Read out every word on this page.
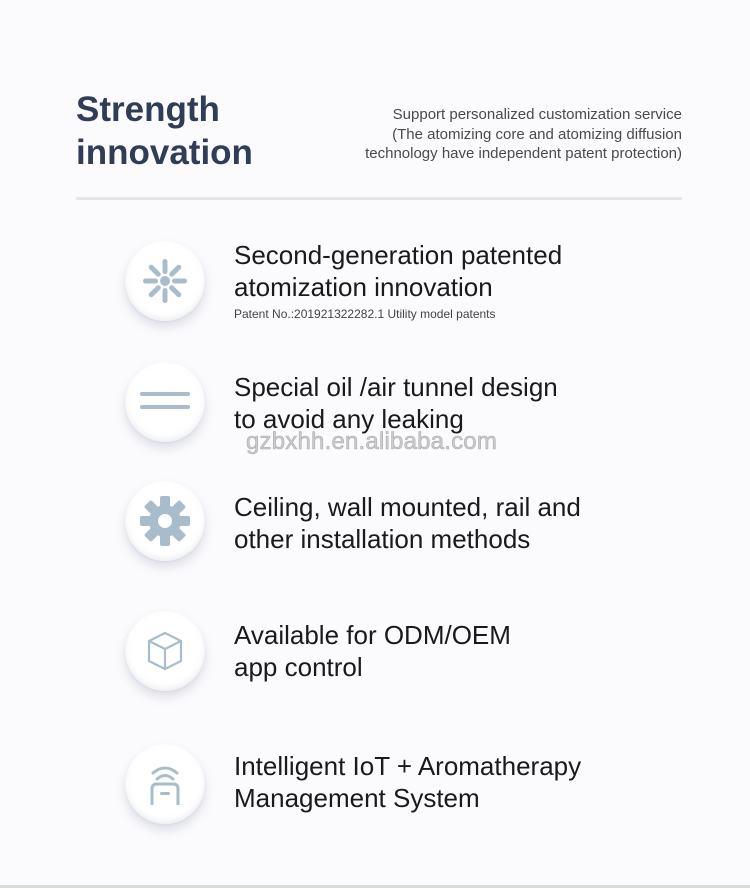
Strength
innovation
Support personalized customization service
(The atomizing core and atomizing diffusion
technology have independent patent protection)
Second-generation patented
atomization innovation
Patent No.:201921322282.1 Utility model patents
Special oil /air tunnel design
to avoid any leaking
Ceiling, wall mounted, rail and
other installation methods
Available for ODM/OEM
app control
Intelligent IoT + Aromatherapy
Management System
gzbxhh.en.alibaba.com
